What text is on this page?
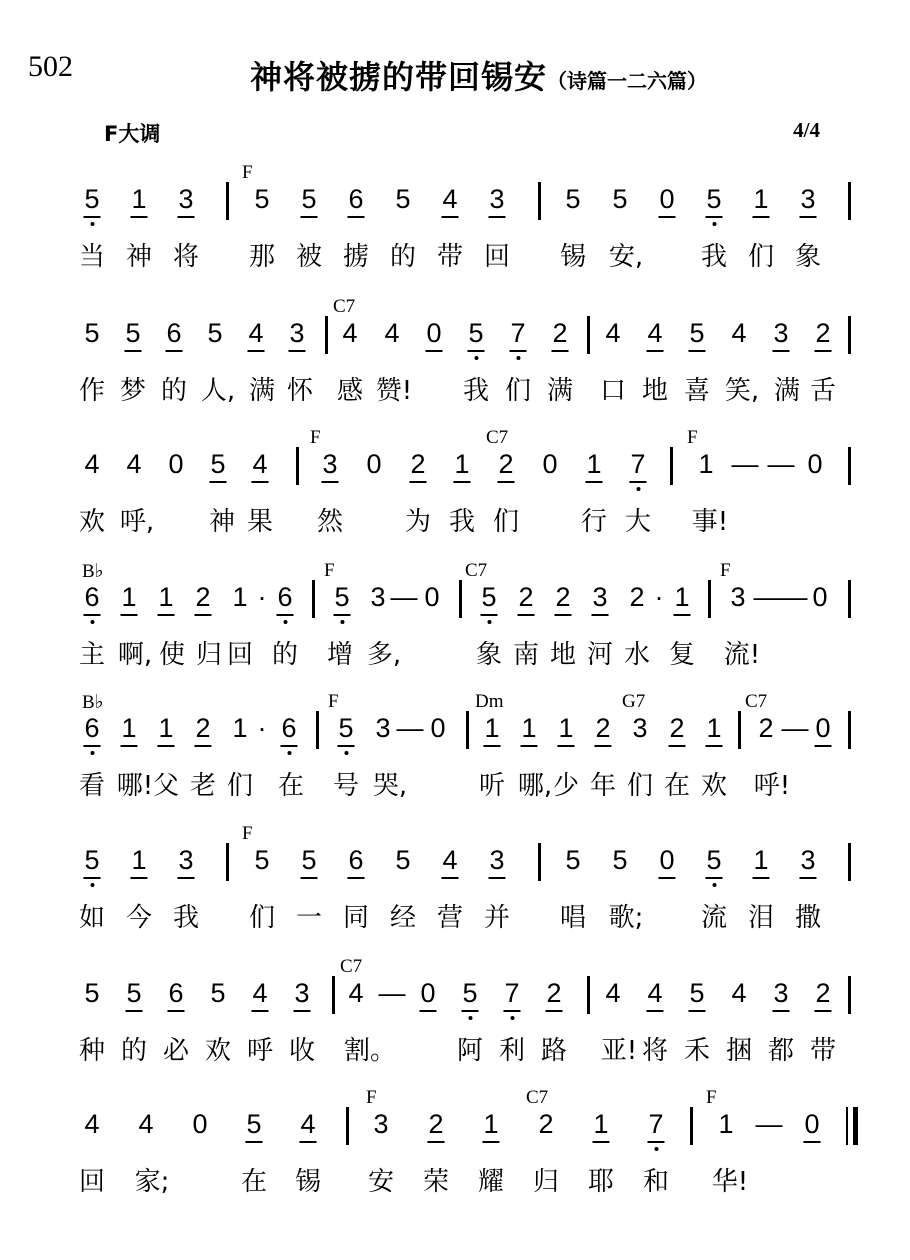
502	神将被掳的带回锡安（诗篇一二六篇）
F大调	4/4
F
5 1 3 5 5 6 5 4 3 5 5 0 5 1 3
当 神 将 那 被 掳 的 带 回 锡 安, 我 们 象
C7
5 5 6 5 4 3 4 4 0 5 7 2 4 4 5 4 3 2
作 梦 的 人, 满 怀 感 赞! 我 们 满 口 地 喜 笑, 满 舌
F	C7	F
4 4 0 5 4 3 0 2 1 2 0 1 7 1 — — 0
欢 呼, 神 果 然 为 我 们 行 大 事!
B♭	F	C7	F
6 1 1 2 1 · 6 5 3 — 0 5 2 2 3 2 · 1 3 — — 0
主 啊, 使 归 回 的 增 多,	象 南 地 河 水 复 流!
B♭	F	Dm	G7	C7
6 1 1 2 1 · 6 5 3 — 0 1 1 1 2 3 2 1 2 — 0
看 哪! 父 老 们 在 号 哭,	听 哪, 少 年 们 在 欢 呼!
F
5 1 3 5 5 6 5 4 3 5 5 0 5 1 3
如 今 我 们 一 同 经 营 并 唱 歌; 流 泪 撒
C7
5 5 6 5 4 3 4 — 0 5 7 2 4 4 5 4 3 2
种 的 必 欢 呼 收 割。 阿 利 路 亚! 将 禾 捆 都 带
F	C7	F
4 4 0 5 4 3 2 1 2 1 7 1 — 0
回 家;	在 锡 安 荣 耀 归 耶 和 华!
